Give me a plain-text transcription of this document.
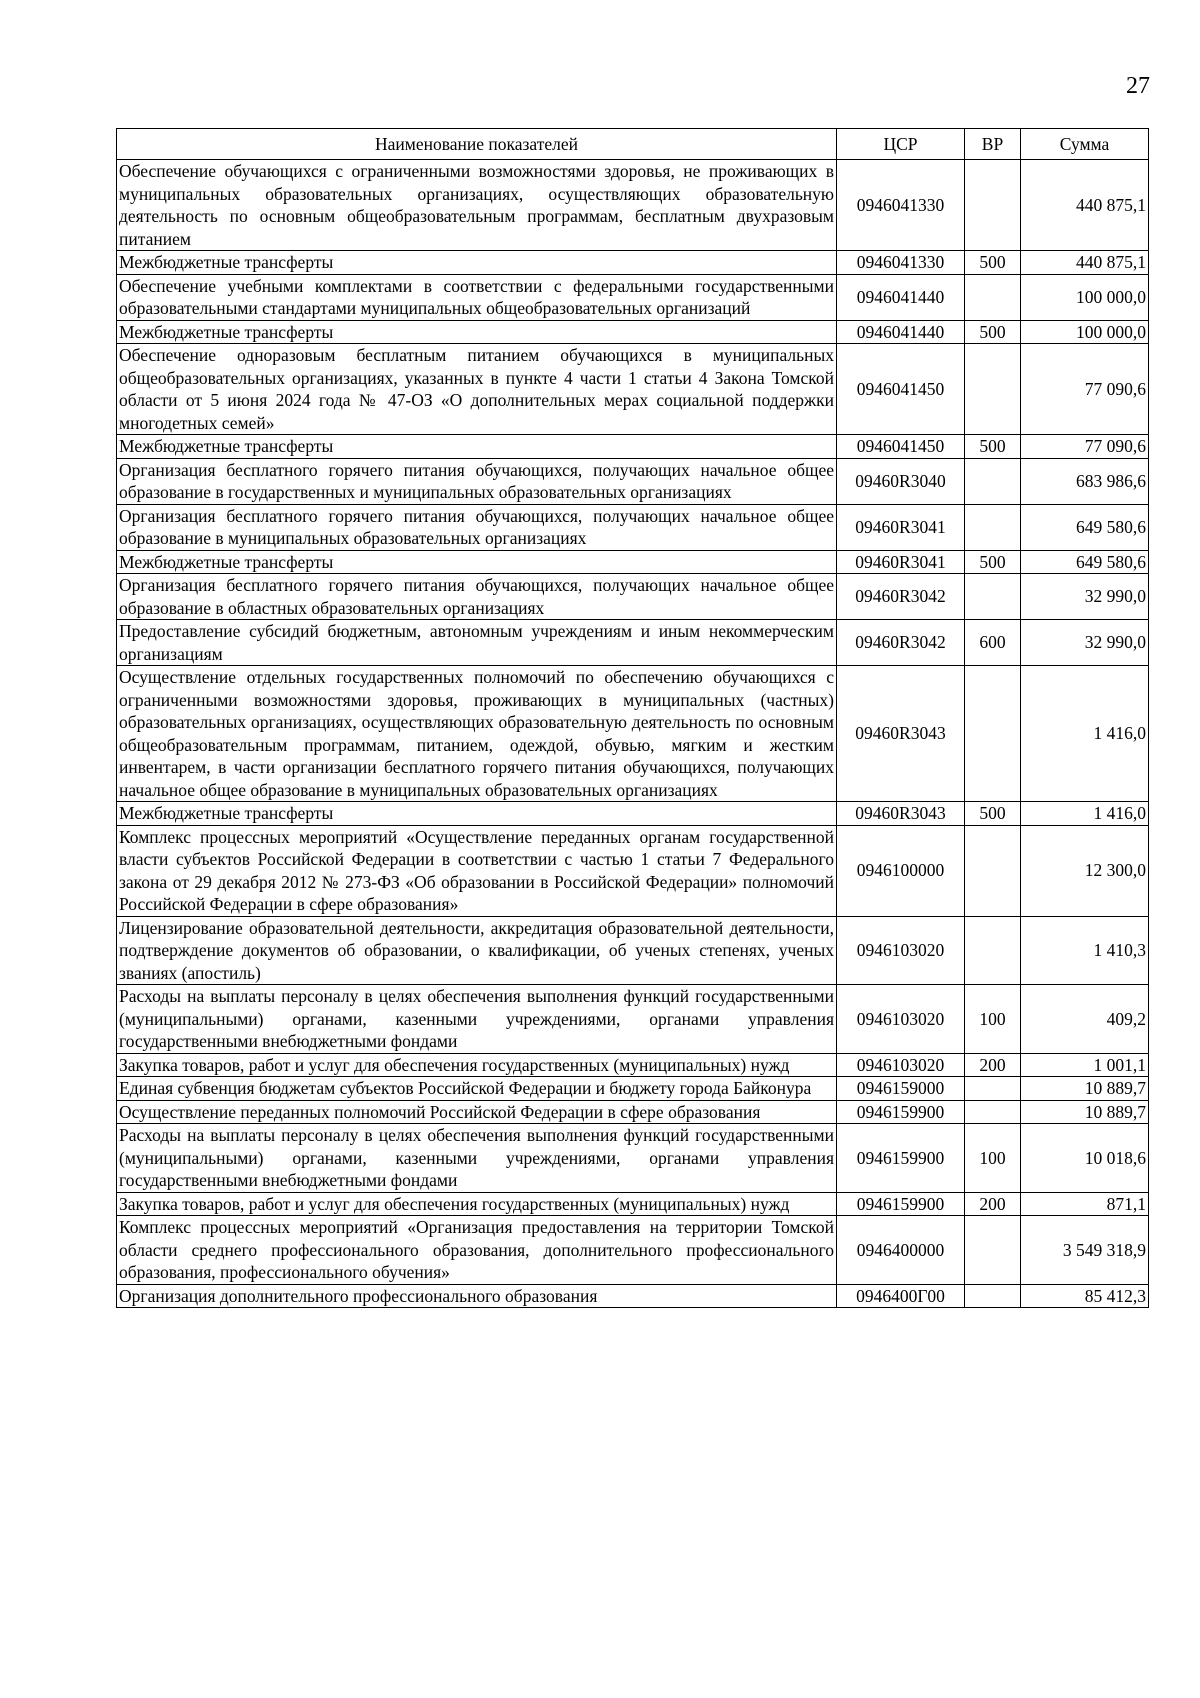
27
Наименование показателей	ЦСР	ВР	Сумма
Обеспечение обучающихся с ограниченными возможностями здоровья, не проживающих в муниципальных образовательных организациях, осуществляющих образовательную деятельность по основным общеобразовательным программам, бесплатным двухразовым питанием	0946041330		440 875,1
Межбюджетные трансферты	0946041330	500	440 875,1
Обеспечение учебными комплектами в соответствии с федеральными государственными образовательными стандартами муниципальных общеобразовательных организаций	0946041440		100 000,0
Межбюджетные трансферты	0946041440	500	100 000,0
Обеспечение одноразовым бесплатным питанием обучающихся в муниципальных общеобразовательных организациях, указанных в пункте 4 части 1 статьи 4 Закона Томской области от 5 июня 2024 года № 47-ОЗ «О дополнительных мерах социальной поддержки многодетных семей»	0946041450		77 090,6
Межбюджетные трансферты	0946041450	500	77 090,6
Организация бесплатного горячего питания обучающихся, получающих начальное общее образование в государственных и муниципальных образовательных организациях	09460R3040		683 986,6
Организация бесплатного горячего питания обучающихся, получающих начальное общее образование в муниципальных образовательных организациях	09460R3041		649 580,6
Межбюджетные трансферты	09460R3041	500	649 580,6
Организация бесплатного горячего питания обучающихся, получающих начальное общее образование в областных образовательных организациях	09460R3042		32 990,0
Предоставление субсидий бюджетным, автономным учреждениям и иным некоммерческим организациям	09460R3042	600	32 990,0
Осуществление отдельных государственных полномочий по обеспечению обучающихся с ограниченными возможностями здоровья, проживающих в муниципальных (частных) образовательных организациях, осуществляющих образовательную деятельность по основным общеобразовательным программам, питанием, одеждой, обувью, мягким и жестким инвентарем, в части организации бесплатного горячего питания обучающихся, получающих начальное общее образование в муниципальных образовательных организациях	09460R3043		1 416,0
Межбюджетные трансферты	09460R3043	500	1 416,0
Комплекс процессных мероприятий «Осуществление переданных органам государственной власти субъектов Российской Федерации в соответствии с частью 1 статьи 7 Федерального закона от 29 декабря 2012 № 273-ФЗ «Об образовании в Российской Федерации» полномочий Российской Федерации в сфере образования»	0946100000		12 300,0
Лицензирование образовательной деятельности, аккредитация образовательной деятельности, подтверждение документов об образовании, о квалификации, об ученых степенях, ученых званиях (апостиль)	0946103020		1 410,3
Расходы на выплаты персоналу в целях обеспечения выполнения функций государственными (муниципальными) органами, казенными учреждениями, органами управления государственными внебюджетными фондами	0946103020	100	409,2
Закупка товаров, работ и услуг для обеспечения государственных (муниципальных) нужд	0946103020	200	1 001,1
Единая субвенция бюджетам субъектов Российской Федерации и бюджету города Байконура	0946159000		10 889,7
Осуществление переданных полномочий Российской Федерации в сфере образования	0946159900		10 889,7
Расходы на выплаты персоналу в целях обеспечения выполнения функций государственными (муниципальными) органами, казенными учреждениями, органами управления государственными внебюджетными фондами	0946159900	100	10 018,6
Закупка товаров, работ и услуг для обеспечения государственных (муниципальных) нужд	0946159900	200	871,1
Комплекс процессных мероприятий «Организация предоставления на территории Томской области среднего профессионального образования, дополнительного профессионального образования, профессионального обучения»	0946400000		3 549 318,9
Организация дополнительного профессионального образования	0946400Г00		85 412,3
